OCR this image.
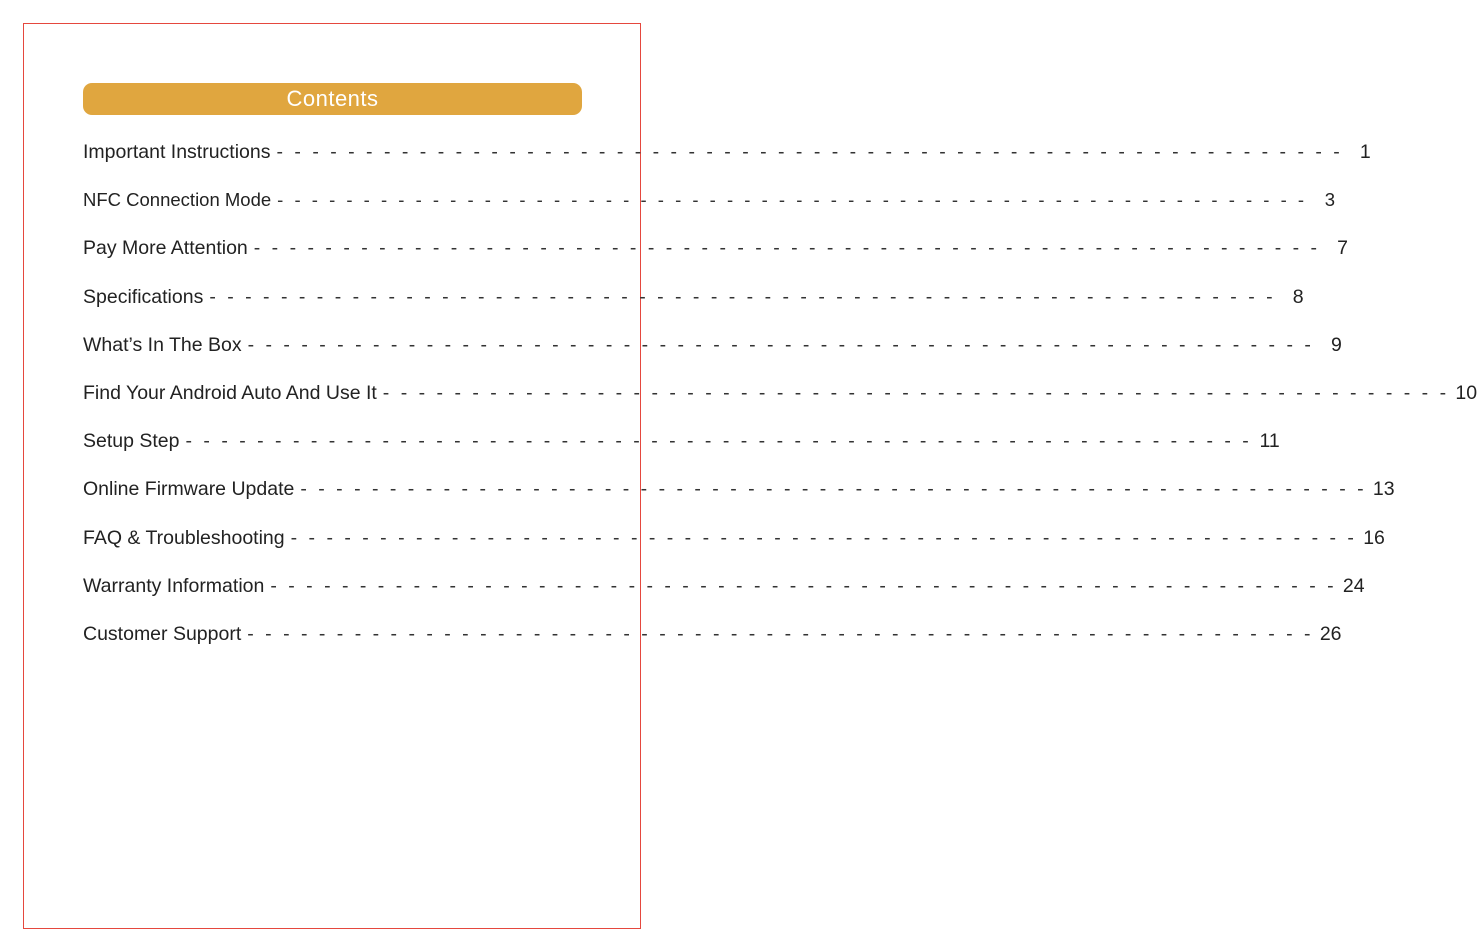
Contents
Important Instructions - - - - - - - - - - - - - - - - - - - - - - - - - - - - - - - - - - - - - - - - - - - - - - - - - - - - - - - - - - - - 1
NFC Connection Mode - - - - - - - - - - - - - - - - - - - - - - - - - - - - - - - - - - - - - - - - - - - - - - - - - - - - - - - - - - - - 3
Pay More Attention - - - - - - - - - - - - - - - - - - - - - - - - - - - - - - - - - - - - - - - - - - - - - - - - - - - - - - - - - - - - 7
Specifications - - - - - - - - - - - - - - - - - - - - - - - - - - - - - - - - - - - - - - - - - - - - - - - - - - - - - - - - - - - - 8
What’s In The Box - - - - - - - - - - - - - - - - - - - - - - - - - - - - - - - - - - - - - - - - - - - - - - - - - - - - - - - - - - - - 9
Find Your Android Auto And Use It - - - - - - - - - - - - - - - - - - - - - - - - - - - - - - - - - - - - - - - - - - - - - - - - - - - - - - - - - - - - 10
Setup Step - - - - - - - - - - - - - - - - - - - - - - - - - - - - - - - - - - - - - - - - - - - - - - - - - - - - - - - - - - - - 11
Online Firmware Update - - - - - - - - - - - - - - - - - - - - - - - - - - - - - - - - - - - - - - - - - - - - - - - - - - - - - - - - - - - - 13
FAQ & Troubleshooting - - - - - - - - - - - - - - - - - - - - - - - - - - - - - - - - - - - - - - - - - - - - - - - - - - - - - - - - - - - - 16
Warranty Information - - - - - - - - - - - - - - - - - - - - - - - - - - - - - - - - - - - - - - - - - - - - - - - - - - - - - - - - - - - - 24
Customer Support - - - - - - - - - - - - - - - - - - - - - - - - - - - - - - - - - - - - - - - - - - - - - - - - - - - - - - - - - - - - 26
